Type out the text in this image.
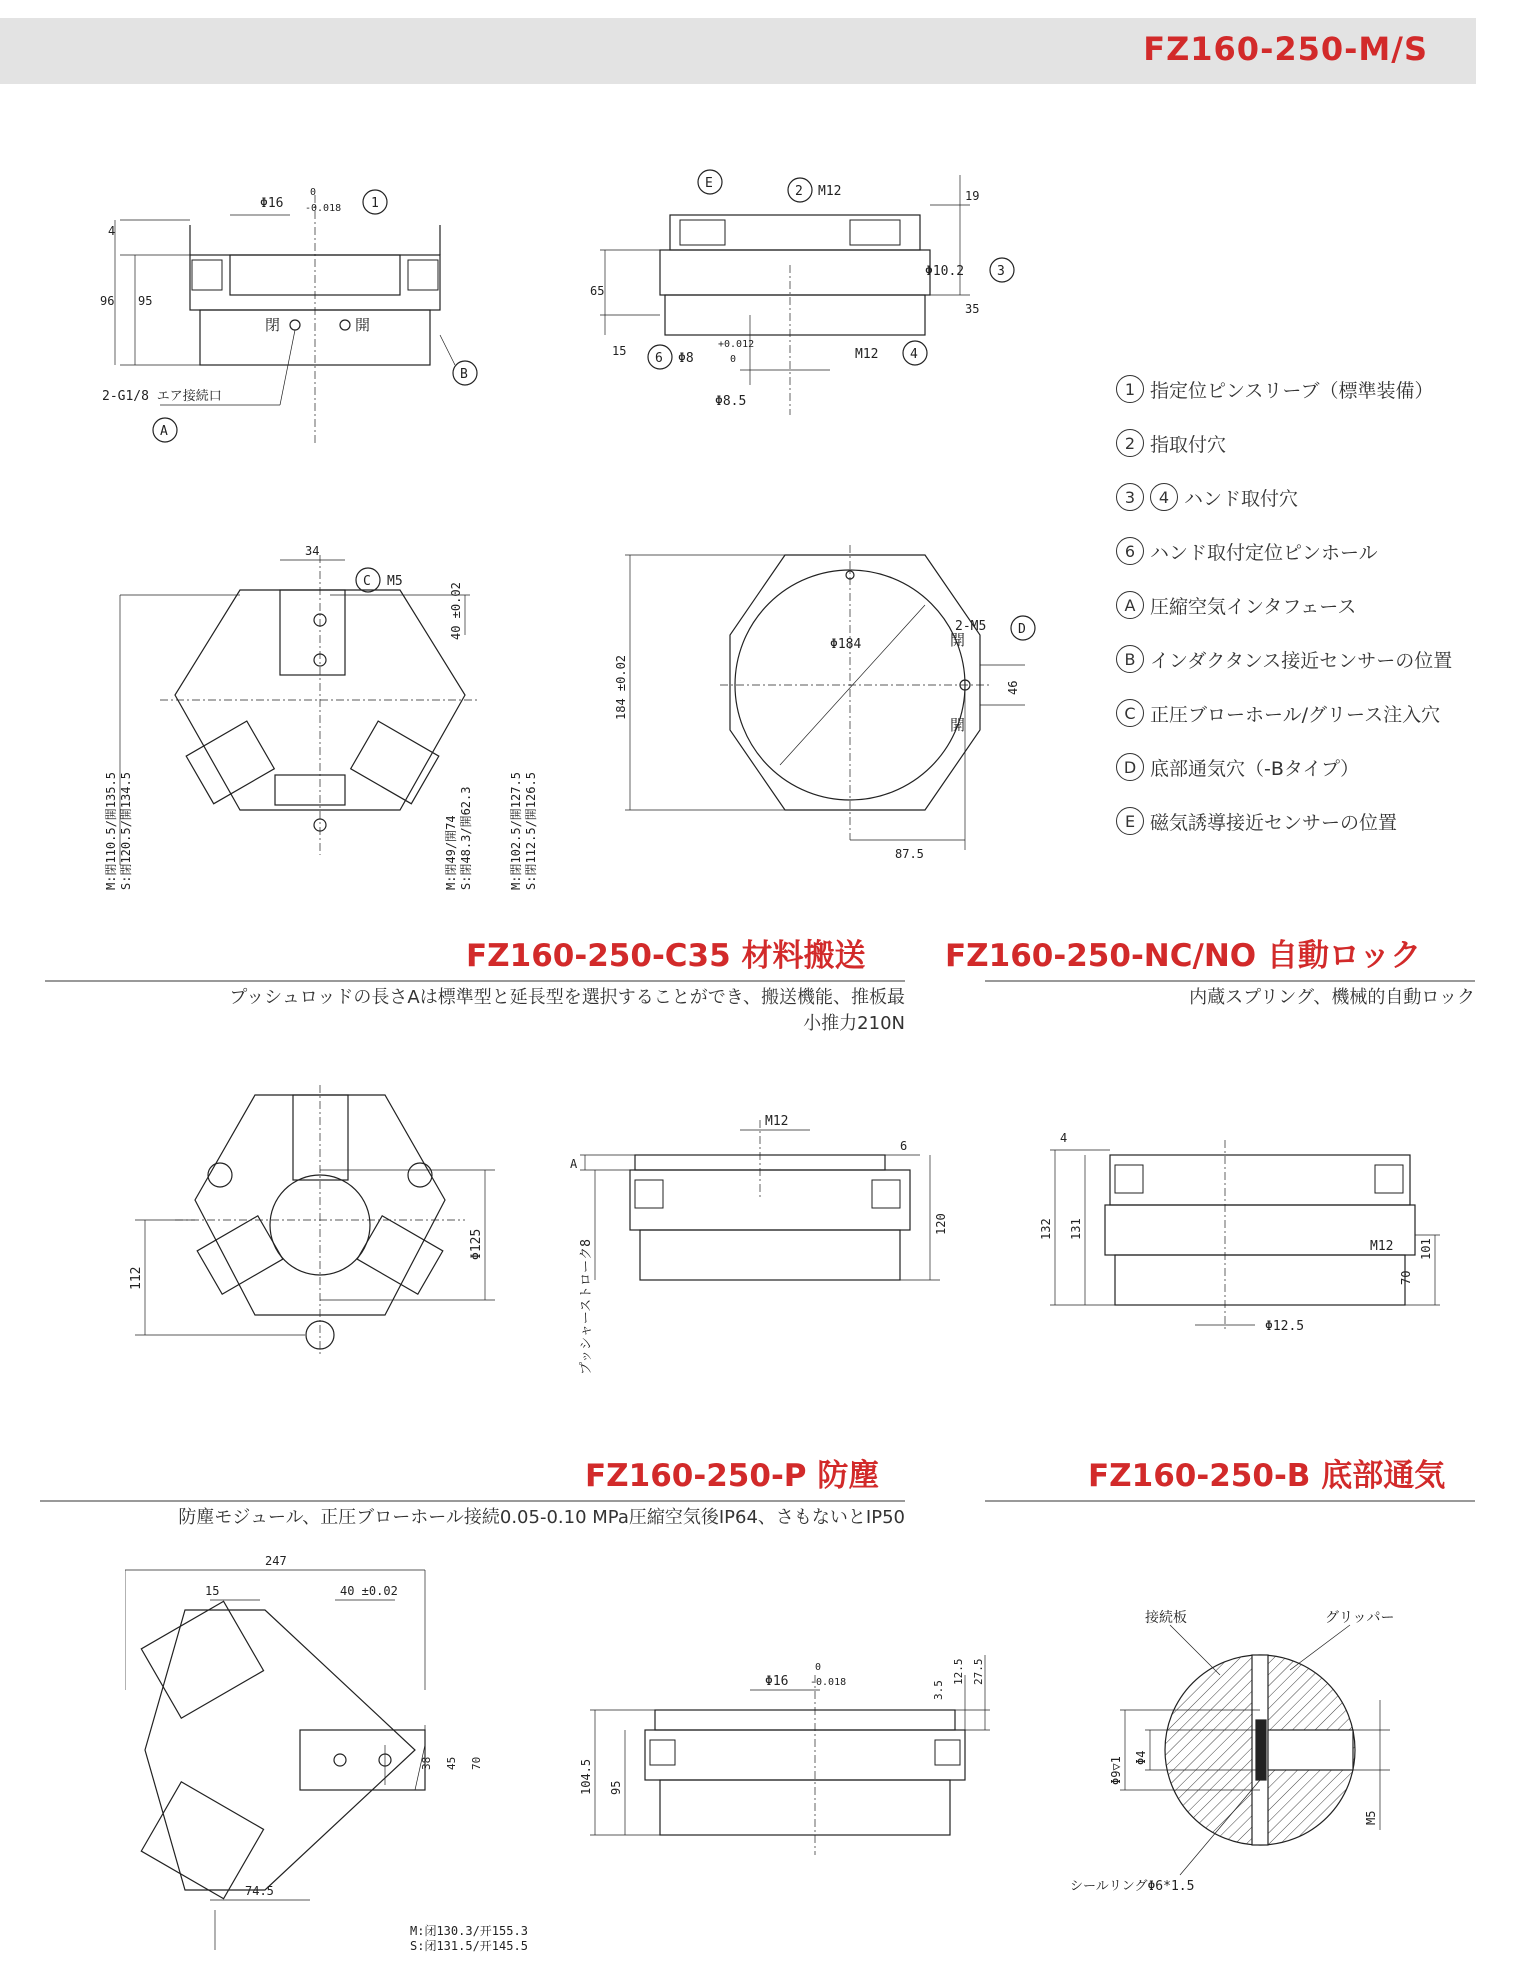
FZ160-250-M/S
Φ16
0
-0.018 1
4
96 95
閉	開
2-G1/8 エア接続口
A
B
E
2 M12	19
Φ10.2	3
65
35
15 6 Φ8
+0.012
0	M12 4
Φ8.5
34
C M5
40 ±0.02
M:閉110.5/開135.5 S:閉120.5/開134.5	M:閉49/開74 S:閉48.3/開62.3	M:閉102.5/開127.5 S:閉112.5/開126.5
184 ±0.02
Φ184
2-M5 D
開
開
46
87.5
1 指定位ピンスリーブ（標準装備）
2 指取付穴
3	4 ハンド取付穴
6 ハンド取付定位ピンホール
A 圧縮空気インタフェース
B インダクタンス接近センサーの位置
C 正圧ブローホール/グリース注入穴
D 底部通気穴（-Bタイプ）
E 磁気誘導接近センサーの位置
FZ160-250-C35 材料搬送
プッシュロッドの長さAは標準型と延長型を選択することができ、搬送機能、推板最
小推力210N
FZ160-250-NC/NO 自動ロック
内蔵スプリング、機械的自動ロック
Φ125
112
M12
6
A
120
プッシャーストローク8
4
132 131
M12 101
70
Φ12.5
FZ160-250-P 防塵
防塵モジュール、正圧ブローホール接続0.05-0.10 MPa圧縮空気後IP64、さもないとIP50
FZ160-250-B 底部通気
247
15	40 ±0.02
38 45 70
74.5
M:闭130.3/开155.3
S:闭131.5/开145.5
Φ16
0
-0.018	3.5
12.5 27.5
104.5 95
接続板	グリッパー
Φ9▽1 Φ4
M5
シールリングΦ6*1.5
